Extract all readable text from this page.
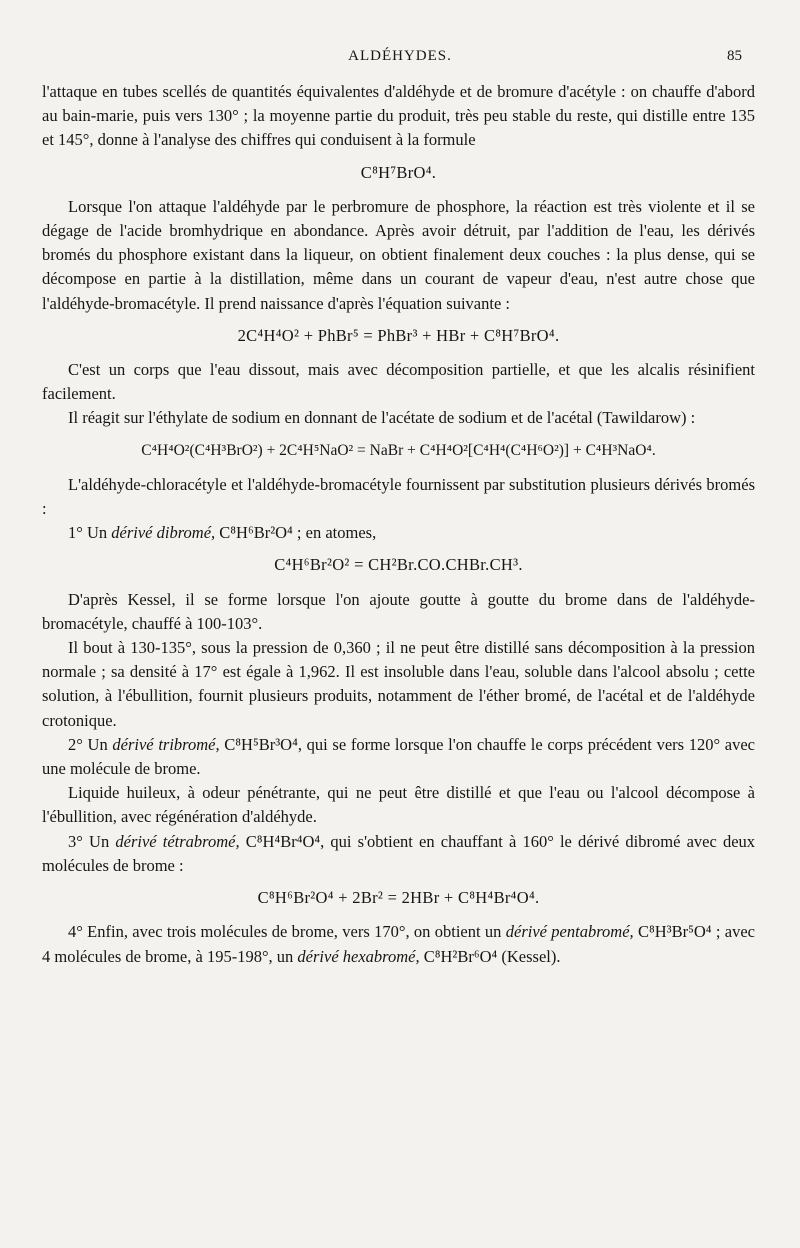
ALDÉHYDES.	85

l'attaque en tubes scellés de quantités équivalentes d'aldéhyde et de bromure d'acétyle : on chauffe d'abord au bain-marie, puis vers 130° ; la moyenne partie du produit, très peu stable du reste, qui distille entre 135 et 145°, donne à l'analyse des chiffres qui conduisent à la formule

C⁸H⁷BrO⁴.

Lorsque l'on attaque l'aldéhyde par le perbromure de phosphore, la réaction est très violente et il se dégage de l'acide bromhydrique en abondance. Après avoir détruit, par l'addition de l'eau, les dérivés bromés du phosphore existant dans la liqueur, on obtient finalement deux couches : la plus dense, qui se décompose en partie à la distillation, même dans un courant de vapeur d'eau, n'est autre chose que l'aldéhyde-bromacétyle. Il prend naissance d'après l'équation suivante :

2C⁴H⁴O² + PhBr⁵ = PhBr³ + HBr + C⁸H⁷BrO⁴.

C'est un corps que l'eau dissout, mais avec décomposition partielle, et que les alcalis résinifient facilement.

Il réagit sur l'éthylate de sodium en donnant de l'acétate de sodium et de l'acétal (Tawildarow) :

C⁴H⁴O²(C⁴H³BrO²) + 2C⁴H⁵NaO² = NaBr + C⁴H⁴O²[C⁴H⁴(C⁴H⁶O²)] + C⁴H³NaO⁴.

L'aldéhyde-chloracétyle et l'aldéhyde-bromacétyle fournissent par substitution plusieurs dérivés bromés :

1° Un dérivé dibromé, C⁸H⁶Br²O⁴ ; en atomes,

C⁴H⁶Br²O² = CH²Br.CO.CHBr.CH³.

D'après Kessel, il se forme lorsque l'on ajoute goutte à goutte du brome dans de l'aldéhyde-bromacétyle, chauffé à 100-103°.

Il bout à 130-135°, sous la pression de 0,360 ; il ne peut être distillé sans décomposition à la pression normale ; sa densité à 17° est égale à 1,962. Il est insoluble dans l'eau, soluble dans l'alcool absolu ; cette solution, à l'ébullition, fournit plusieurs produits, notamment de l'éther bromé, de l'acétal et de l'aldéhyde crotonique.

2° Un dérivé tribromé, C⁸H⁵Br³O⁴, qui se forme lorsque l'on chauffe le corps précédent vers 120° avec une molécule de brome.

Liquide huileux, à odeur pénétrante, qui ne peut être distillé et que l'eau ou l'alcool décompose à l'ébullition, avec régénération d'aldéhyde.

3° Un dérivé tétrabromé, C⁸H⁴Br⁴O⁴, qui s'obtient en chauffant à 160° le dérivé dibromé avec deux molécules de brome :

C⁸H⁶Br²O⁴ + 2Br² = 2HBr + C⁸H⁴Br⁴O⁴.

4° Enfin, avec trois molécules de brome, vers 170°, on obtient un dérivé pentabromé, C⁸H³Br⁵O⁴ ; avec 4 molécules de brome, à 195-198°, un dérivé hexabromé, C⁸H²Br⁶O⁴ (Kessel).
